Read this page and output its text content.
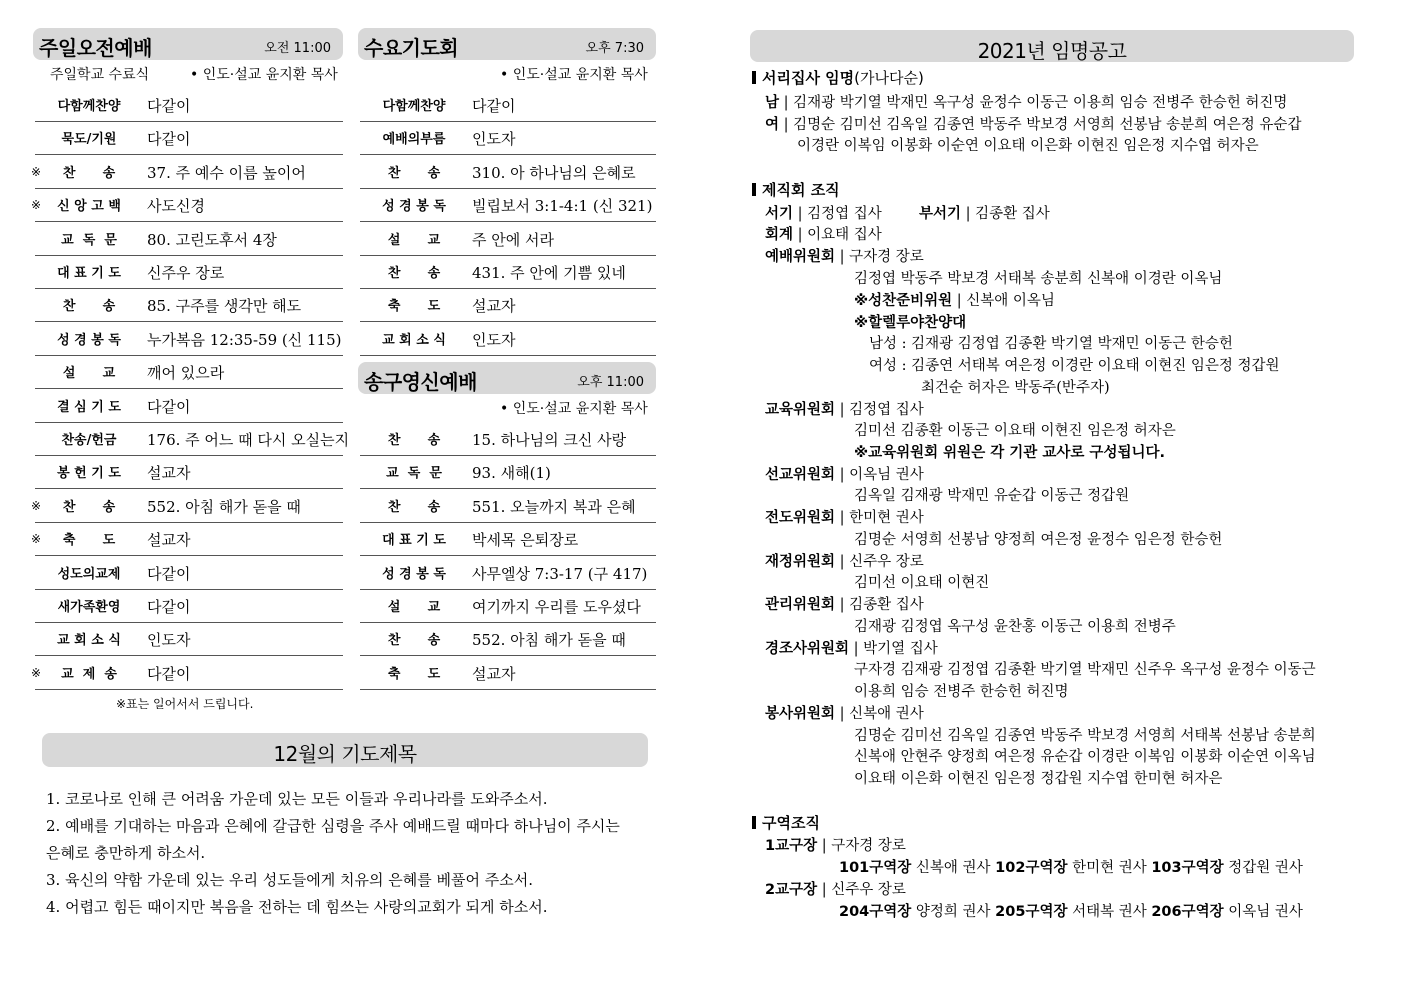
주일오전예배	오전 11:00
주일학교 수료식	• 인도·설교 윤지환 목사
다함께찬양	다같이
묵도/기원	다같이
※	찬      송	37. 주 예수 이름 높이어
※	신 앙 고 백	사도신경
교  독  문	80. 고린도후서 4장
대 표 기 도	신주우 장로
찬      송	85. 구주를 생각만 해도
성 경 봉 독	누가복음 12:35-59 (신 115)
설      교	깨어 있으라
결 심 기 도	다같이
찬송/헌금	176. 주 어느 때 다시 오실는지
봉 헌 기 도	설교자
※	찬      송	552. 아침 해가 돋을 때
※	축      도	설교자
성도의교제	다같이
새가족환영	다같이
교 회 소 식	인도자
※	교  제  송	다같이
※표는 일어서서 드립니다.
수요기도회	오후 7:30
• 인도·설교 윤지환 목사
다함께찬양	다같이
예배의부름	인도자
찬      송	310. 아 하나님의 은혜로
성 경 봉 독	빌립보서 3:1-4:1 (신 321)
설      교	주 안에 서라
찬      송	431. 주 안에 기쁨 있네
축      도	설교자
교 회 소 식	인도자
송구영신예배	오후 11:00
• 인도·설교 윤지환 목사
찬      송	15. 하나님의 크신 사랑
교  독  문	93. 새해(1)
찬      송	551. 오늘까지 복과 은혜
대 표 기 도	박세목 은퇴장로
성 경 봉 독	사무엘상 7:3-17 (구 417)
설      교	여기까지 우리를 도우셨다
찬      송	552. 아침 해가 돋을 때
축      도	설교자
12월의 기도제목
1. 코로나로 인해 큰 어려움 가운데 있는 모든 이들과 우리나라를 도와주소서.
2. 예배를 기대하는 마음과 은혜에 갈급한 심령을 주사 예배드릴 때마다 하나님이 주시는
은혜로 충만하게 하소서.
3. 육신의 약함 가운데 있는 우리 성도들에게 치유의 은혜를 베풀어 주소서.
4. 어렵고 힘든 때이지만 복음을 전하는 데 힘쓰는 사랑의교회가 되게 하소서.
2021년 임명공고
서리집사 임명(가나다순)
남 | 김재광 박기열 박재민 옥구성 윤정수 이동근 이용희 임승 전병주 한승헌 허진명
여 | 김명순 김미선 김옥일 김종연 박동주 박보경 서영희 선봉남 송분희 여은정 유순갑
이경란 이복임 이봉화 이순연 이요태 이은화 이현진 임은정 지수엽 허자은
제직회 조직
서기 | 김정엽 집사	부서기 | 김종환 집사
회계 | 이요태 집사
예배위원회 | 구자경 장로
김정엽 박동주 박보경 서태복 송분희 신복애 이경란 이옥님
※성찬준비위원 | 신복애 이옥님
※할렐루야찬양대
남성 : 김재광 김정엽 김종환 박기열 박재민 이동근 한승헌
여성 : 김종연 서태복 여은정 이경란 이요태 이현진 임은정 정갑원
최건순 허자은 박동주(반주자)
교육위원회 | 김정엽 집사
김미선 김종환 이동근 이요태 이현진 임은정 허자은
※교육위원회 위원은 각 기관 교사로 구성됩니다.
선교위원회 | 이옥님 권사
김옥일 김재광 박재민 유순갑 이동근 정갑원
전도위원회 | 한미현 권사
김명순 서영희 선봉남 양정희 여은정 윤정수 임은정 한승헌
재정위원회 | 신주우 장로
김미선 이요태 이현진
관리위원회 | 김종환 집사
김재광 김정엽 옥구성 윤찬홍 이동근 이용희 전병주
경조사위원회 | 박기열 집사
구자경 김재광 김정엽 김종환 박기열 박재민 신주우 옥구성 윤정수 이동근
이용희 임승 전병주 한승헌 허진명
봉사위원회 | 신복애 권사
김명순 김미선 김옥일 김종연 박동주 박보경 서영희 서태복 선봉남 송분희
신복애 안현주 양정희 여은정 유순갑 이경란 이복임 이봉화 이순연 이옥님
이요태 이은화 이현진 임은정 정갑원 지수엽 한미현 허자은
구역조직
1교구장 | 구자경 장로
101구역장 신복애 권사 102구역장 한미현 권사 103구역장 정갑원 권사
2교구장 | 신주우 장로
204구역장 양정희 권사 205구역장 서태복 권사 206구역장 이옥님 권사
